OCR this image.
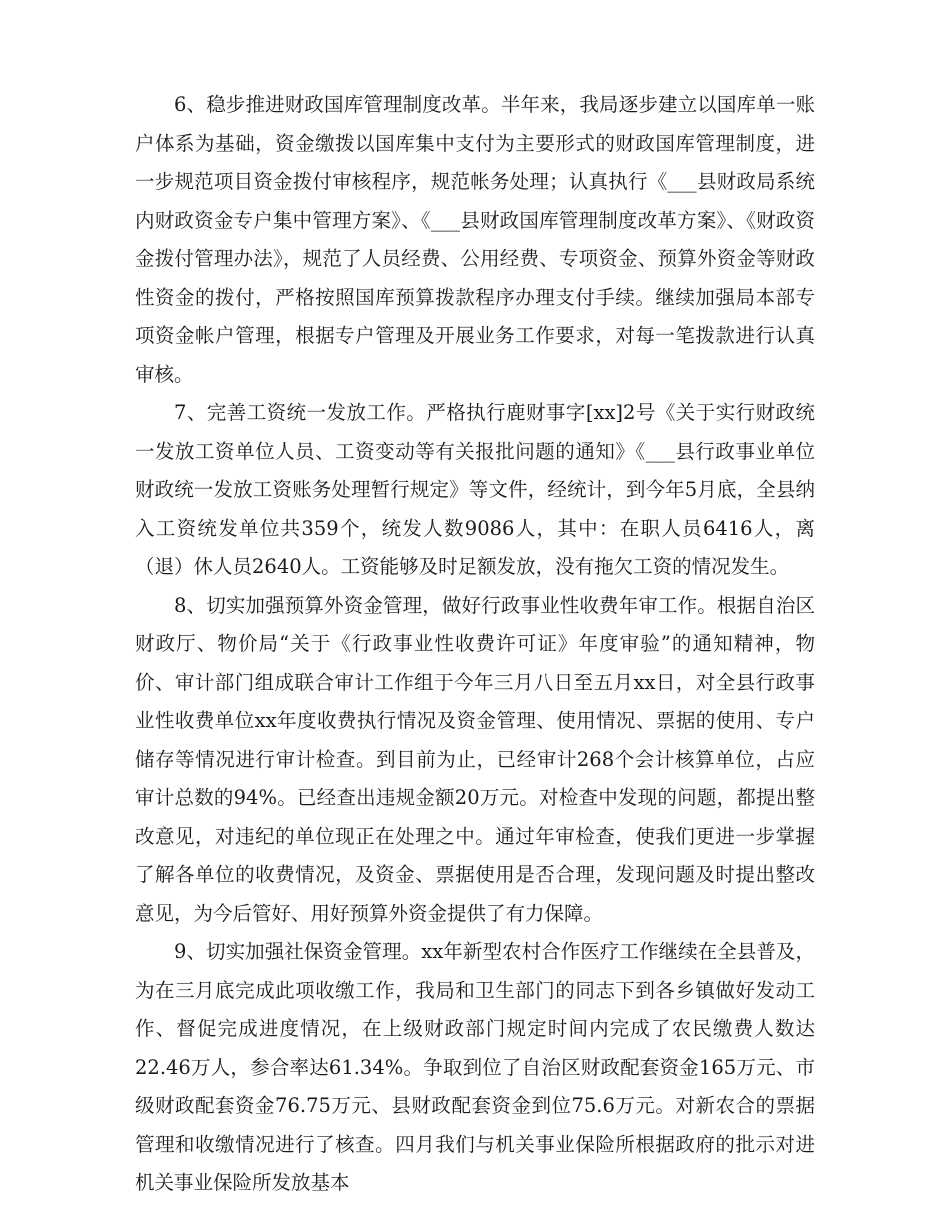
6、稳步推进财政国库管理制度改革。半年来，我局逐步建立以国库单一账户体系为基础，资金缴拨以国库集中支付为主要形式的财政国库管理制度，进一步规范项目资金拨付审核程序，规范帐务处理；认真执行《___县财政局系统内财政资金专户集中管理方案》、《___县财政国库管理制度改革方案》、《财政资金拨付管理办法》，规范了人员经费、公用经费、专项资金、预算外资金等财政性资金的拨付，严格按照国库预算拨款程序办理支付手续。继续加强局本部专项资金帐户管理，根据专户管理及开展业务工作要求，对每一笔拨款进行认真审核。

7、完善工资统一发放工作。严格执行鹿财事字[xx]2号《关于实行财政统一发放工资单位人员、工资变动等有关报批问题的通知》《___县行政事业单位财政统一发放工资账务处理暂行规定》等文件，经统计，到今年5月底，全县纳入工资统发单位共359个，统发人数9086人，其中：在职人员6416人，离（退）休人员2640人。工资能够及时足额发放，没有拖欠工资的情况发生。

8、切实加强预算外资金管理，做好行政事业性收费年审工作。根据自治区财政厅、物价局“关于《行政事业性收费许可证》年度审验”的通知精神，物价、审计部门组成联合审计工作组于今年三月八日至五月xx日，对全县行政事业性收费单位xx年度收费执行情况及资金管理、使用情况、票据的使用、专户储存等情况进行审计检查。到目前为止，已经审计268个会计核算单位，占应审计总数的94%。已经查出违规金额20万元。对检查中发现的问题，都提出整改意见，对违纪的单位现正在处理之中。通过年审检查，使我们更进一步掌握了解各单位的收费情况，及资金、票据使用是否合理，发现问题及时提出整改意见，为今后管好、用好预算外资金提供了有力保障。

9、切实加强社保资金管理。xx年新型农村合作医疗工作继续在全县普及，为在三月底完成此项收缴工作，我局和卫生部门的同志下到各乡镇做好发动工作、督促完成进度情况，在上级财政部门规定时间内完成了农民缴费人数达22.46万人，参合率达61.34%。争取到位了自治区财政配套资金165万元、市级财政配套资金76.75万元、县财政配套资金到位75.6万元。对新农合的票据管理和收缴情况进行了核查。四月我们与机关事业保险所根据政府的批示对进机关事业保险所发放基本
